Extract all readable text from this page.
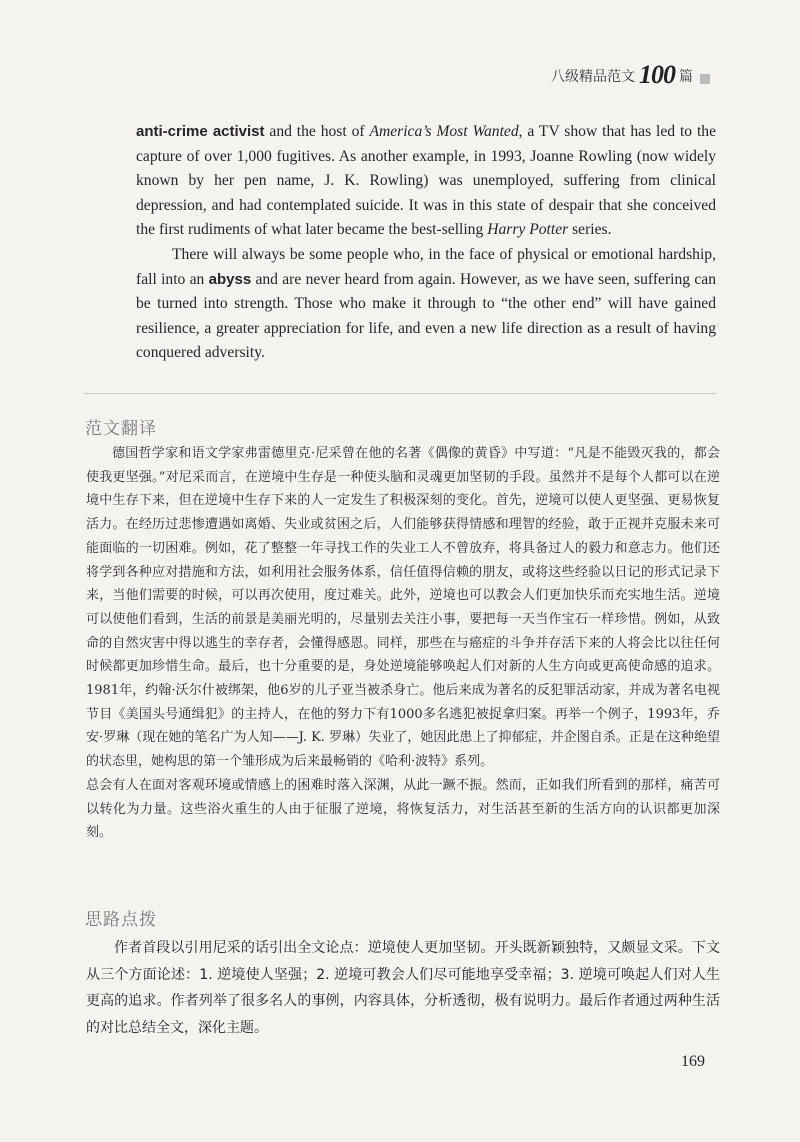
八级精品范文 100 篇

anti-crime activist and the host of America’s Most Wanted, a TV show that has led to the capture of over 1,000 fugitives. As another example, in 1993, Joanne Rowling (now widely known by her pen name, J. K. Rowling) was unemployed, suffering from clinical depression, and had contemplated suicide. It was in this state of despair that she conceived the first rudiments of what later became the best-selling Harry Potter series.

There will always be some people who, in the face of physical or emotional hardship, fall into an abyss and are never heard from again. However, as we have seen, suffering can be turned into strength. Those who make it through to “the other end” will have gained resilience, a greater appreciation for life, and even a new life direction as a result of having conquered adversity.

范文翻译

德国哲学家和语文学家弗雷德里克·尼采曾在他的名著《偶像的黄昏》中写道：“凡是不能毁灭我的，都会使我更坚强。”对尼采而言，在逆境中生存是一种使头脑和灵魂更加坚韧的手段。虽然并不是每个人都可以在逆境中生存下来，但在逆境中生存下来的人一定发生了积极深刻的变化。首先，逆境可以使人更坚强、更易恢复活力。在经历过悲惨遭遇如离婚、失业或贫困之后，人们能够获得情感和理智的经验，敢于正视并克服未来可能面临的一切困难。例如，花了整整一年寻找工作的失业工人不曾放弃，将具备过人的毅力和意志力。他们还将学到各种应对措施和方法，如利用社会服务体系，信任值得信赖的朋友，或将这些经验以日记的形式记录下来，当他们需要的时候，可以再次使用，度过难关。此外，逆境也可以教会人们更加快乐而充实地生活。逆境可以使他们看到，生活的前景是美丽光明的，尽量别去关注小事，要把每一天当作宝石一样珍惜。例如，从致命的自然灾害中得以逃生的幸存者，会懂得感恩。同样，那些在与癌症的斗争并存活下来的人将会比以往任何时候都更加珍惜生命。最后，也十分重要的是，身处逆境能够唤起人们对新的人生方向或更高使命感的追求。1981年，约翰·沃尔什被绑架，他6岁的儿子亚当被杀身亡。他后来成为著名的反犯罪活动家，并成为著名电视节目《美国头号通缉犯》的主持人，在他的努力下有1000多名逃犯被捉拿归案。再举一个例子，1993年，乔安·罗琳（现在她的笔名广为人知——J. K. 罗琳）失业了，她因此患上了抑郁症，并企图自杀。正是在这种绝望的状态里，她构思的第一个雏形成为后来最畅销的《哈利·波特》系列。

总会有人在面对客观环境或情感上的困难时落入深渊，从此一蹶不振。然而，正如我们所看到的那样，痛苦可以转化为力量。这些浴火重生的人由于征服了逆境，将恢复活力，对生活甚至新的生活方向的认识都更加深刻。

思路点拨

作者首段以引用尼采的话引出全文论点：逆境使人更加坚韧。开头既新颖独特，又颇显文采。下文从三个方面论述：1. 逆境使人坚强；2. 逆境可教会人们尽可能地享受幸福；3. 逆境可唤起人们对人生更高的追求。作者列举了很多名人的事例，内容具体，分析透彻，极有说明力。最后作者通过两种生活的对比总结全文，深化主题。

169
